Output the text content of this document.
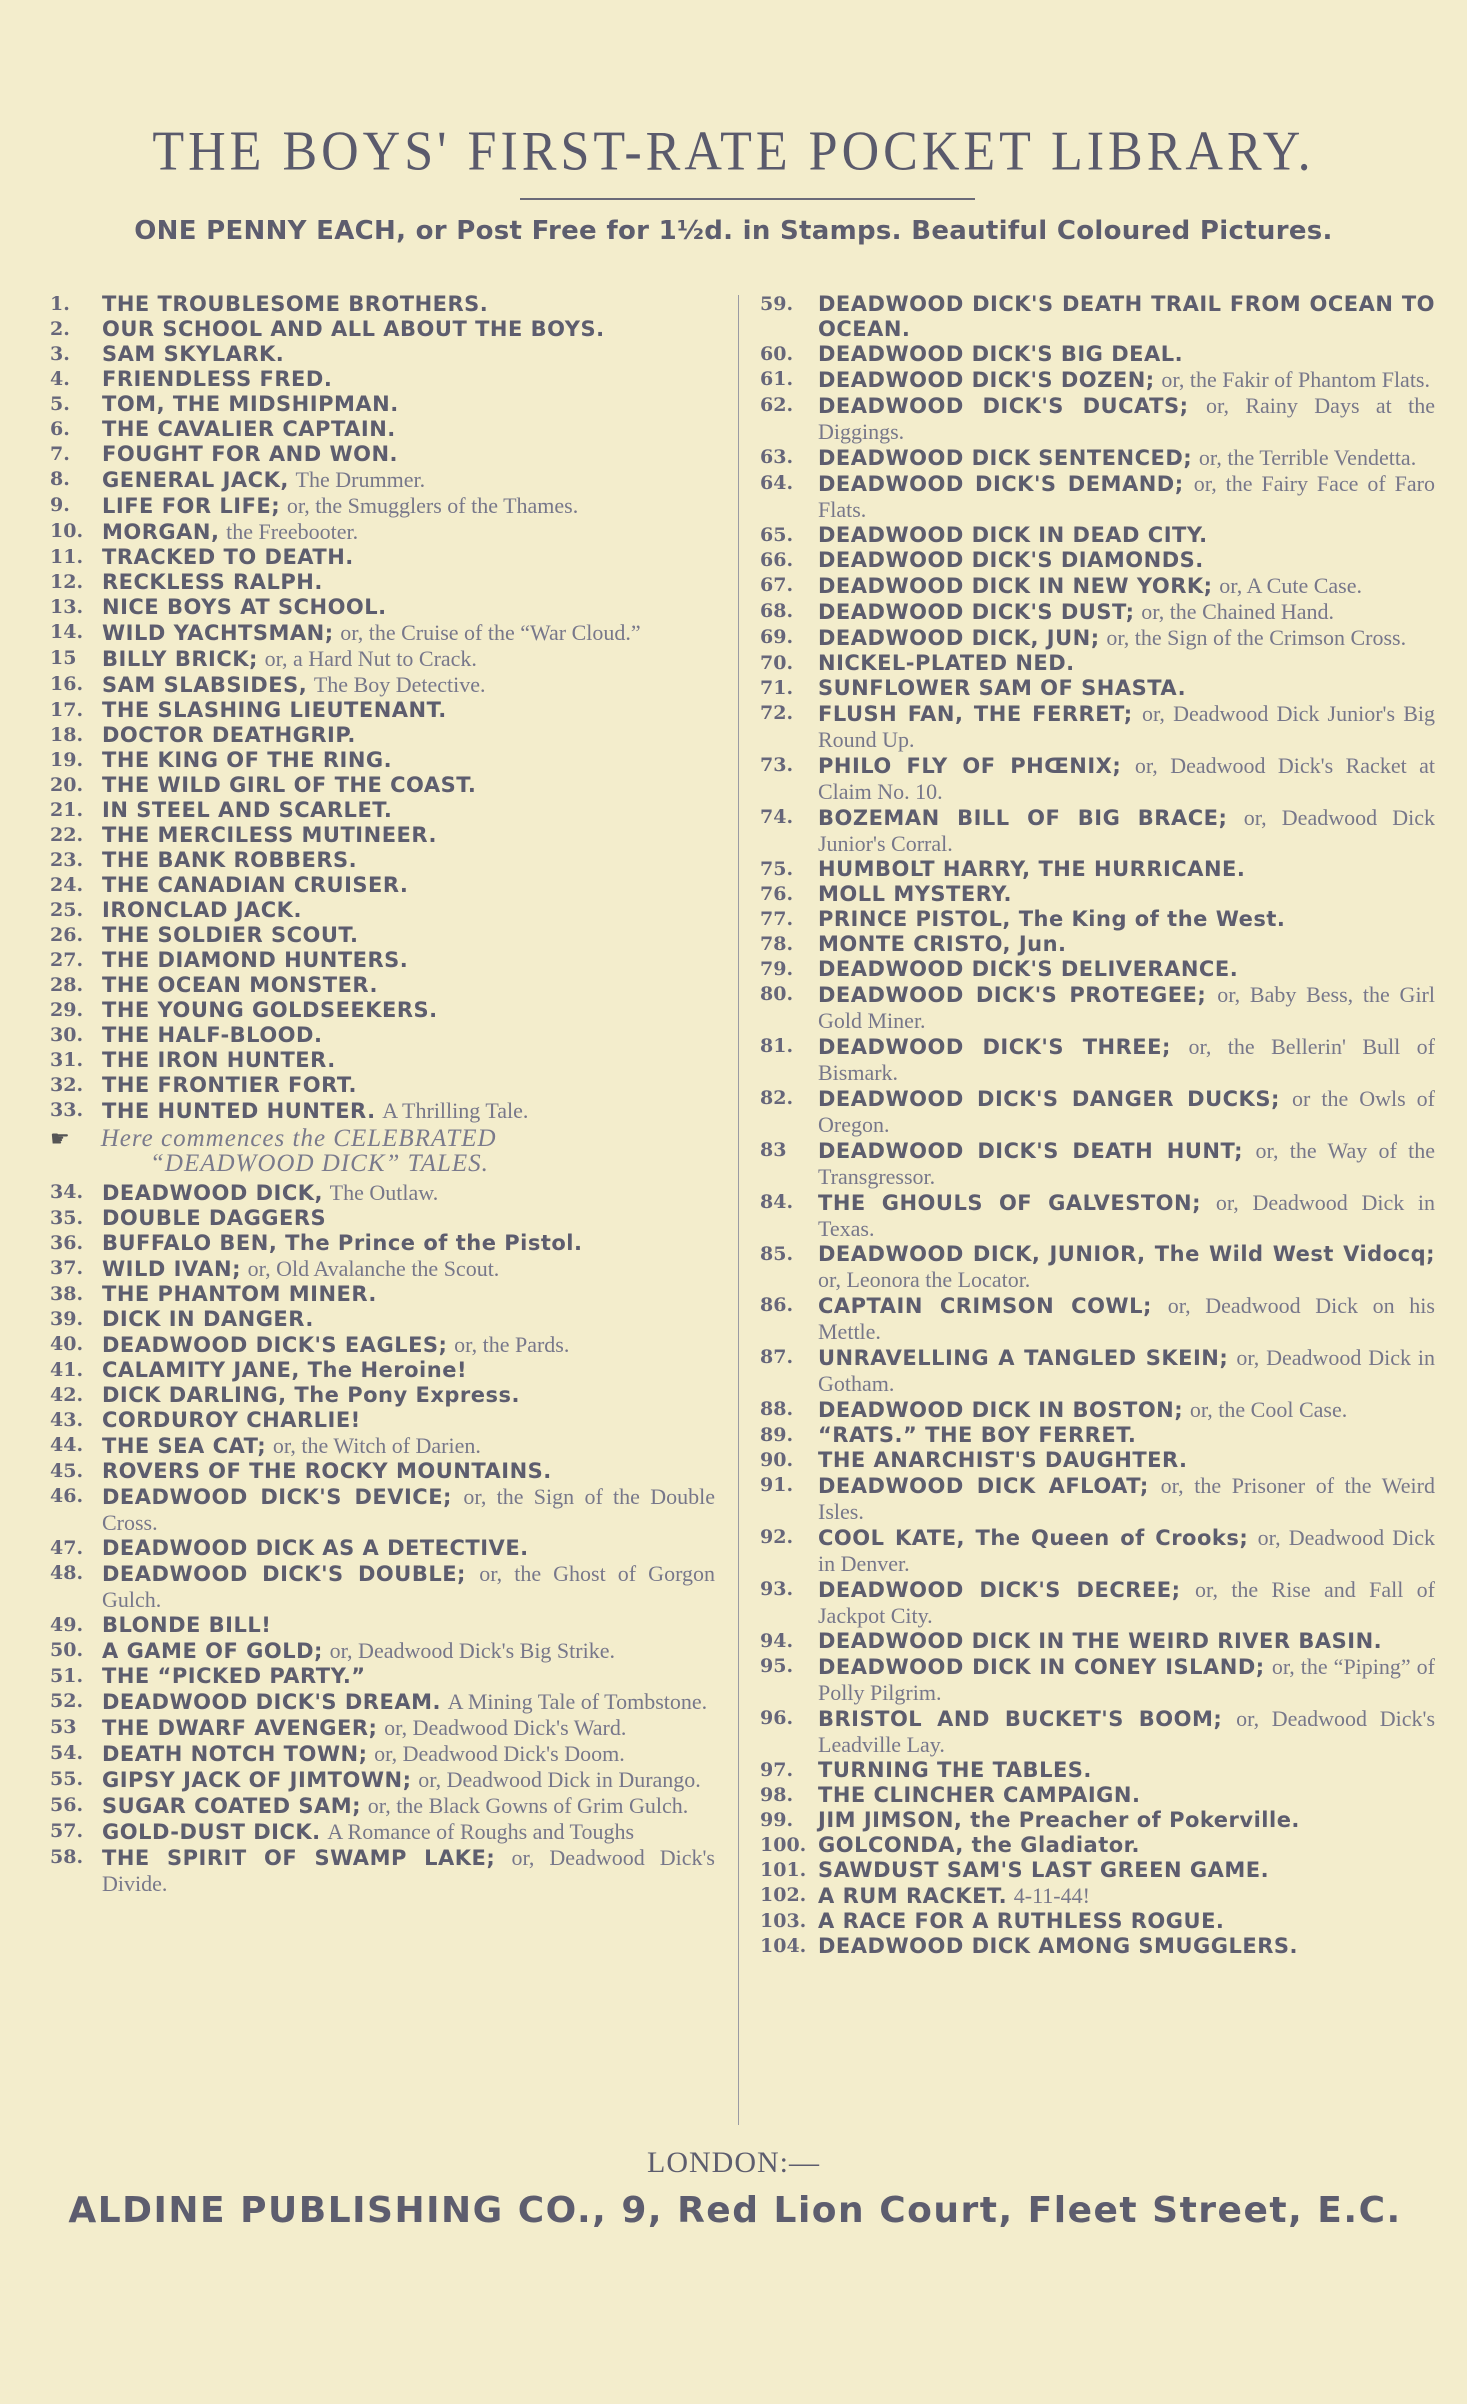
THE BOYS' FIRST-RATE POCKET LIBRARY.
ONE PENNY EACH, or Post Free for 1½d. in Stamps. Beautiful Coloured Pictures.
1.	THE TROUBLESOME BROTHERS.
2.	OUR SCHOOL AND ALL ABOUT THE BOYS.
3.	SAM SKYLARK.
4.	FRIENDLESS FRED.
5.	TOM, THE MIDSHIPMAN.
6.	THE CAVALIER CAPTAIN.
7.	FOUGHT FOR AND WON.
8.	GENERAL JACK, The Drummer.
9.	LIFE FOR LIFE; or, the Smugglers of the Thames.
10. MORGAN, the Freebooter.
11. TRACKED TO DEATH.
12. RECKLESS RALPH.
13. NICE BOYS AT SCHOOL.
14. WILD YACHTSMAN; or, the Cruise of the “War Cloud.”
15	BILLY BRICK; or, a Hard Nut to Crack.
16. SAM SLABSIDES, The Boy Detective.
17. THE SLASHING LIEUTENANT.
18. DOCTOR DEATHGRIP.
19. THE KING OF THE RING.
20. THE WILD GIRL OF THE COAST.
21. IN STEEL AND SCARLET.
22. THE MERCILESS MUTINEER.
23. THE BANK ROBBERS.
24. THE CANADIAN CRUISER.
25. IRONCLAD JACK.
26. THE SOLDIER SCOUT.
27. THE DIAMOND HUNTERS.
28. THE OCEAN MONSTER.
29. THE YOUNG GOLDSEEKERS.
30. THE HALF-BLOOD.
31. THE IRON HUNTER.
32. THE FRONTIER FORT.
33. THE HUNTED HUNTER. A Thrilling Tale.
☛ Here commences the CELEBRATED
“DEADWOOD DICK” TALES.
34. DEADWOOD DICK, The Outlaw.
35. DOUBLE DAGGERS
36. BUFFALO BEN, The Prince of the Pistol.
37. WILD IVAN; or, Old Avalanche the Scout.
38. THE PHANTOM MINER.
39. DICK IN DANGER.
40. DEADWOOD DICK'S EAGLES; or, the Pards.
41. CALAMITY JANE, The Heroine!
42. DICK DARLING, The Pony Express.
43. CORDUROY CHARLIE!
44. THE SEA CAT; or, the Witch of Darien.
45. ROVERS OF THE ROCKY MOUNTAINS.
46. DEADWOOD DICK'S DEVICE; or, the Sign of the Double Cross.
47. DEADWOOD DICK AS A DETECTIVE.
48. DEADWOOD DICK'S DOUBLE; or, the Ghost of Gorgon Gulch.
49. BLONDE BILL!
50. A GAME OF GOLD; or, Deadwood Dick's Big Strike.
51. THE “PICKED PARTY.”
52. DEADWOOD DICK'S DREAM. A Mining Tale of Tombstone.
53	THE DWARF AVENGER; or, Deadwood Dick's Ward.
54. DEATH NOTCH TOWN; or, Deadwood Dick's Doom.
55. GIPSY JACK OF JIMTOWN; or, Deadwood Dick in Durango.
56. SUGAR COATED SAM; or, the Black Gowns of Grim Gulch.
57. GOLD-DUST DICK. A Romance of Roughs and Toughs
58. THE SPIRIT OF SWAMP LAKE; or, Deadwood Dick's Divide.
59.	DEADWOOD DICK'S DEATH TRAIL FROM OCEAN TO OCEAN.
60.	DEADWOOD DICK'S BIG DEAL.
61.	DEADWOOD DICK'S DOZEN; or, the Fakir of Phantom Flats.
62.	DEADWOOD DICK'S DUCATS; or, Rainy Days at the Diggings.
63.	DEADWOOD DICK SENTENCED; or, the Terrible Vendetta.
64.	DEADWOOD DICK'S DEMAND; or, the Fairy Face of Faro Flats.
65.	DEADWOOD DICK IN DEAD CITY.
66.	DEADWOOD DICK'S DIAMONDS.
67.	DEADWOOD DICK IN NEW YORK; or, A Cute Case.
68.	DEADWOOD DICK'S DUST; or, the Chained Hand.
69.	DEADWOOD DICK, JUN; or, the Sign of the Crimson Cross.
70.	NICKEL-PLATED NED.
71.	SUNFLOWER SAM OF SHASTA.
72.	FLUSH FAN, THE FERRET; or, Deadwood Dick Junior's Big Round Up.
73.	PHILO FLY OF PHŒNIX; or, Deadwood Dick's Racket at Claim No. 10.
74.	BOZEMAN BILL OF BIG BRACE; or, Deadwood Dick Junior's Corral.
75.	HUMBOLT HARRY, THE HURRICANE.
76.	MOLL MYSTERY.
77.	PRINCE PISTOL, The King of the West.
78.	MONTE CRISTO, Jun.
79.	DEADWOOD DICK'S DELIVERANCE.
80.	DEADWOOD DICK'S PROTEGEE; or, Baby Bess, the Girl Gold Miner.
81.	DEADWOOD DICK'S THREE; or, the Bellerin' Bull of Bismark.
82.	DEADWOOD DICK'S DANGER DUCKS; or the Owls of Oregon.
83	DEADWOOD DICK'S DEATH HUNT; or, the Way of the Transgressor.
84.	THE GHOULS OF GALVESTON; or, Deadwood Dick in Texas.
85.	DEADWOOD DICK, JUNIOR, The Wild West Vidocq; or, Leonora the Locator.
86.	CAPTAIN CRIMSON COWL; or, Deadwood Dick on his Mettle.
87.	UNRAVELLING A TANGLED SKEIN; or, Deadwood Dick in Gotham.
88.	DEADWOOD DICK IN BOSTON; or, the Cool Case.
89.	“RATS.” THE BOY FERRET.
90.	THE ANARCHIST'S DAUGHTER.
91.	DEADWOOD DICK AFLOAT; or, the Prisoner of the Weird Isles.
92.	COOL KATE, The Queen of Crooks; or, Deadwood Dick in Denver.
93.	DEADWOOD DICK'S DECREE; or, the Rise and Fall of Jackpot City.
94.	DEADWOOD DICK IN THE WEIRD RIVER BASIN.
95.	DEADWOOD DICK IN CONEY ISLAND; or, the “Piping” of Polly Pilgrim.
96.	BRISTOL AND BUCKET'S BOOM; or, Deadwood Dick's Leadville Lay.
97.	TURNING THE TABLES.
98.	THE CLINCHER CAMPAIGN.
99.	JIM JIMSON, the Preacher of Pokerville.
100. GOLCONDA, the Gladiator.
101. SAWDUST SAM'S LAST GREEN GAME.
102. A RUM RACKET. 4-11-44!
103. A RACE FOR A RUTHLESS ROGUE.
104. DEADWOOD DICK AMONG SMUGGLERS.
LONDON:—
ALDINE PUBLISHING CO., 9, Red Lion Court, Fleet Street, E.C.
